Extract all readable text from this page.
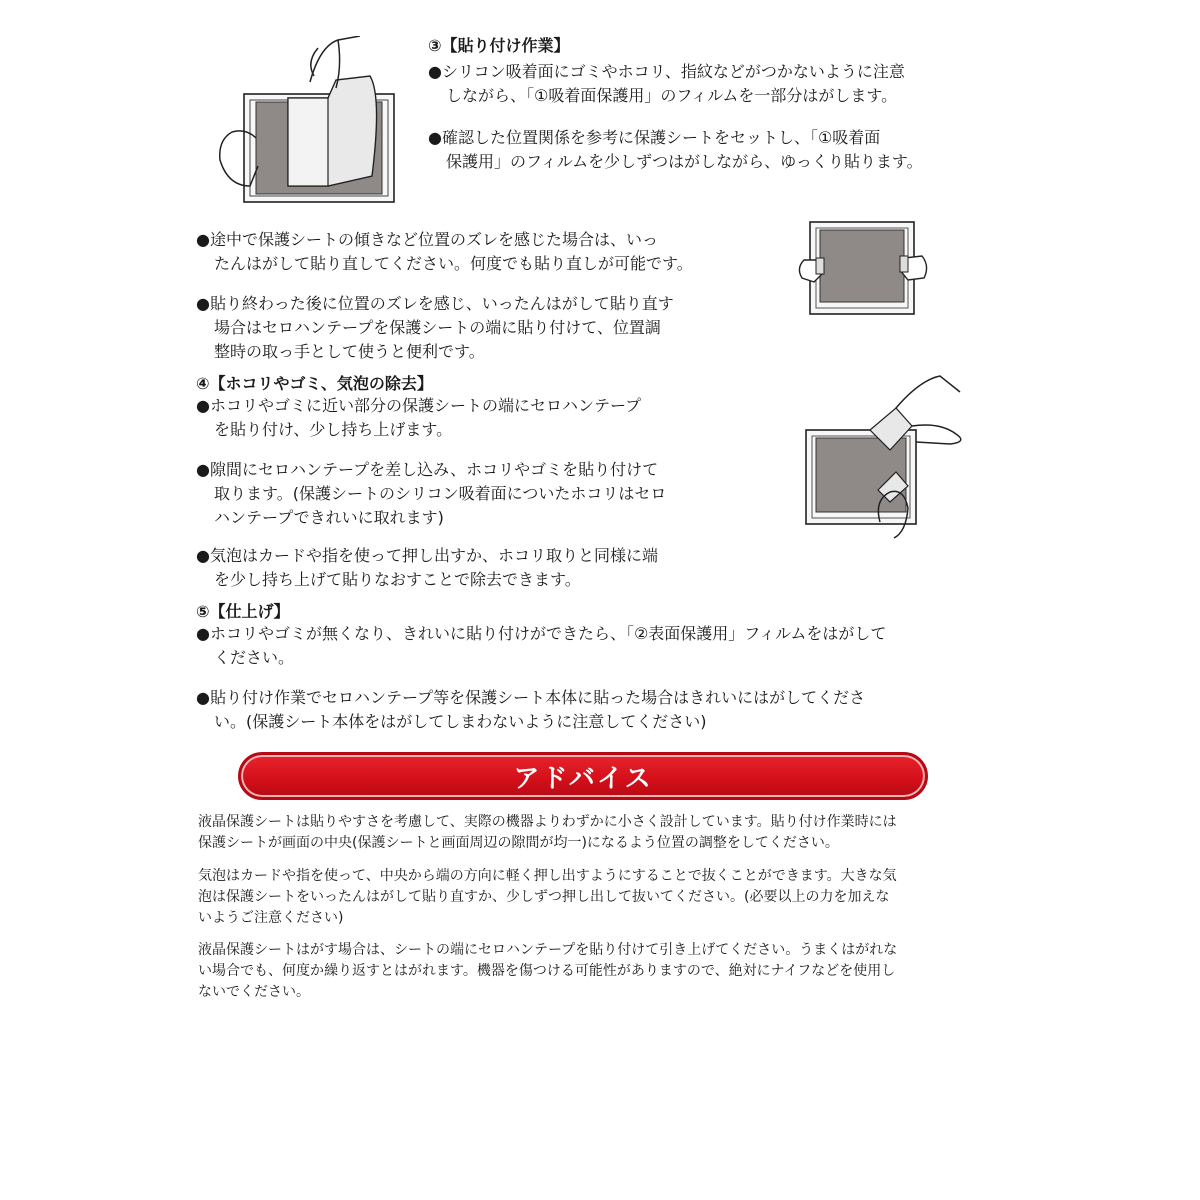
③【貼り付け作業】
●シリコン吸着面にゴミやホコリ、指紋などがつかないように注意
しながら、「①吸着面保護用」のフィルムを一部分はがします。
●確認した位置関係を参考に保護シートをセットし、「①吸着面
保護用」のフィルムを少しずつはがしながら、ゆっくり貼ります。
●途中で保護シートの傾きなど位置のズレを感じた場合は、いっ
たんはがして貼り直してください。何度でも貼り直しが可能です。
●貼り終わった後に位置のズレを感じ、いったんはがして貼り直す
場合はセロハンテープを保護シートの端に貼り付けて、位置調
整時の取っ手として使うと便利です。
④【ホコリやゴミ、気泡の除去】
●ホコリやゴミに近い部分の保護シートの端にセロハンテープ
を貼り付け、少し持ち上げます。
●隙間にセロハンテープを差し込み、ホコリやゴミを貼り付けて
取ります。(保護シートのシリコン吸着面についたホコリはセロ
ハンテープできれいに取れます)
●気泡はカードや指を使って押し出すか、ホコリ取りと同様に端
を少し持ち上げて貼りなおすことで除去できます。
⑤【仕上げ】
●ホコリやゴミが無くなり、きれいに貼り付けができたら、「②表面保護用」フィルムをはがして
ください。
●貼り付け作業でセロハンテープ等を保護シート本体に貼った場合はきれいにはがしてくださ
い。(保護シート本体をはがしてしまわないように注意してください)
アドバイス
液晶保護シートは貼りやすさを考慮して、実際の機器よりわずかに小さく設計しています。貼り付け作業時には
保護シートが画面の中央(保護シートと画面周辺の隙間が均一)になるよう位置の調整をしてください。
気泡はカードや指を使って、中央から端の方向に軽く押し出すようにすることで抜くことができます。大きな気
泡は保護シートをいったんはがして貼り直すか、少しずつ押し出して抜いてください。(必要以上の力を加えな
いようご注意ください)
液晶保護シートはがす場合は、シートの端にセロハンテープを貼り付けて引き上げてください。うまくはがれな
い場合でも、何度か繰り返すとはがれます。機器を傷つける可能性がありますので、絶対にナイフなどを使用し
ないでください。
